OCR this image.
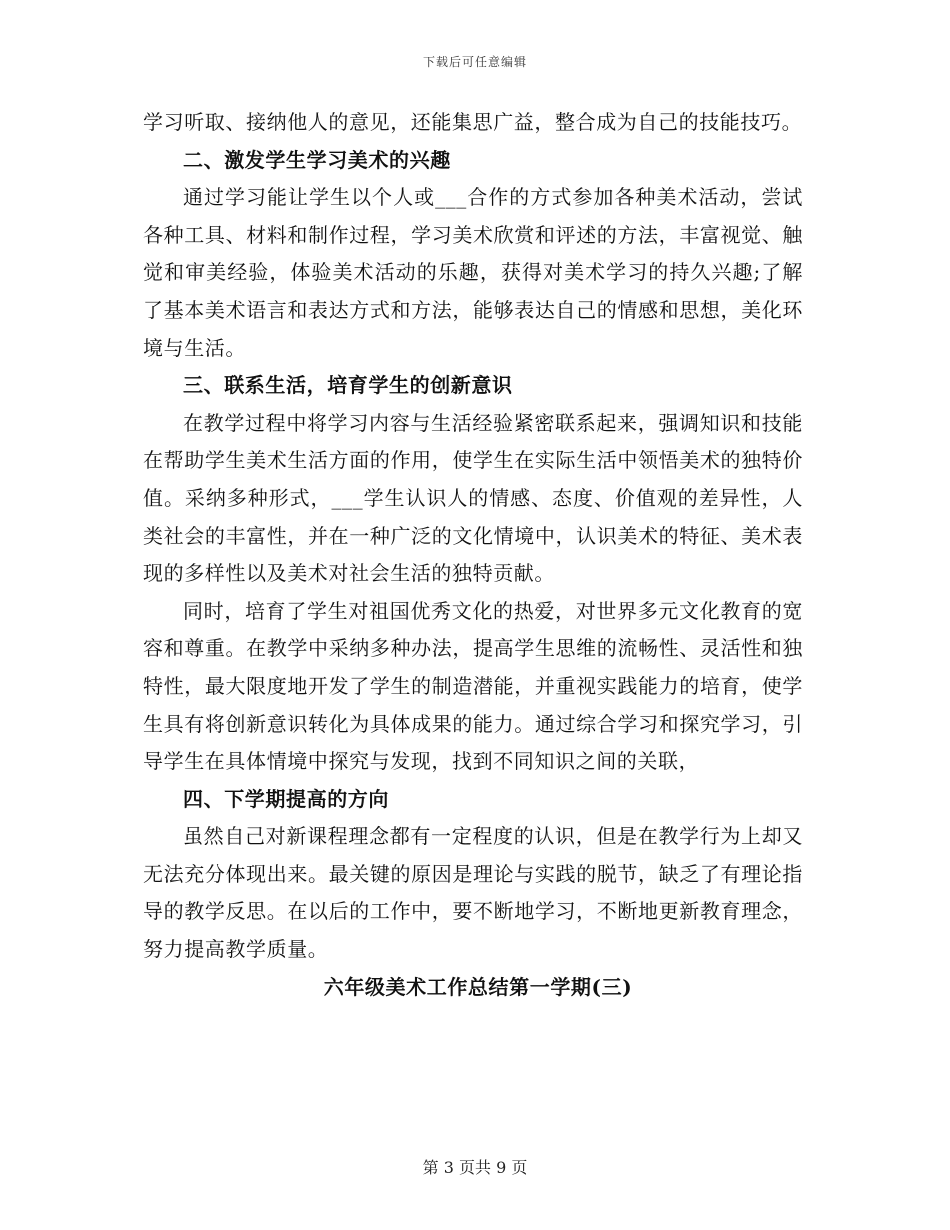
下载后可任意编辑

学习听取、接纳他人的意见，还能集思广益，整合成为自己的技能技巧。

二、激发学生学习美术的兴趣

通过学习能让学生以个人或___合作的方式参加各种美术活动，尝试各种工具、材料和制作过程，学习美术欣赏和评述的方法，丰富视觉、触觉和审美经验，体验美术活动的乐趣，获得对美术学习的持久兴趣;了解了基本美术语言和表达方式和方法，能够表达自己的情感和思想，美化环境与生活。

三、联系生活，培育学生的创新意识

在教学过程中将学习内容与生活经验紧密联系起来，强调知识和技能在帮助学生美术生活方面的作用，使学生在实际生活中领悟美术的独特价值。采纳多种形式，___学生认识人的情感、态度、价值观的差异性，人类社会的丰富性，并在一种广泛的文化情境中，认识美术的特征、美术表现的多样性以及美术对社会生活的独特贡献。

同时，培育了学生对祖国优秀文化的热爱，对世界多元文化教育的宽容和尊重。在教学中采纳多种办法，提高学生思维的流畅性、灵活性和独特性，最大限度地开发了学生的制造潜能，并重视实践能力的培育，使学生具有将创新意识转化为具体成果的能力。通过综合学习和探究学习，引导学生在具体情境中探究与发现，找到不同知识之间的关联，

四、下学期提高的方向

虽然自己对新课程理念都有一定程度的认识，但是在教学行为上却又无法充分体现出来。最关键的原因是理论与实践的脱节，缺乏了有理论指导的教学反思。在以后的工作中，要不断地学习，不断地更新教育理念，努力提高教学质量。

六年级美术工作总结第一学期(三)

第 3 页共 9 页
